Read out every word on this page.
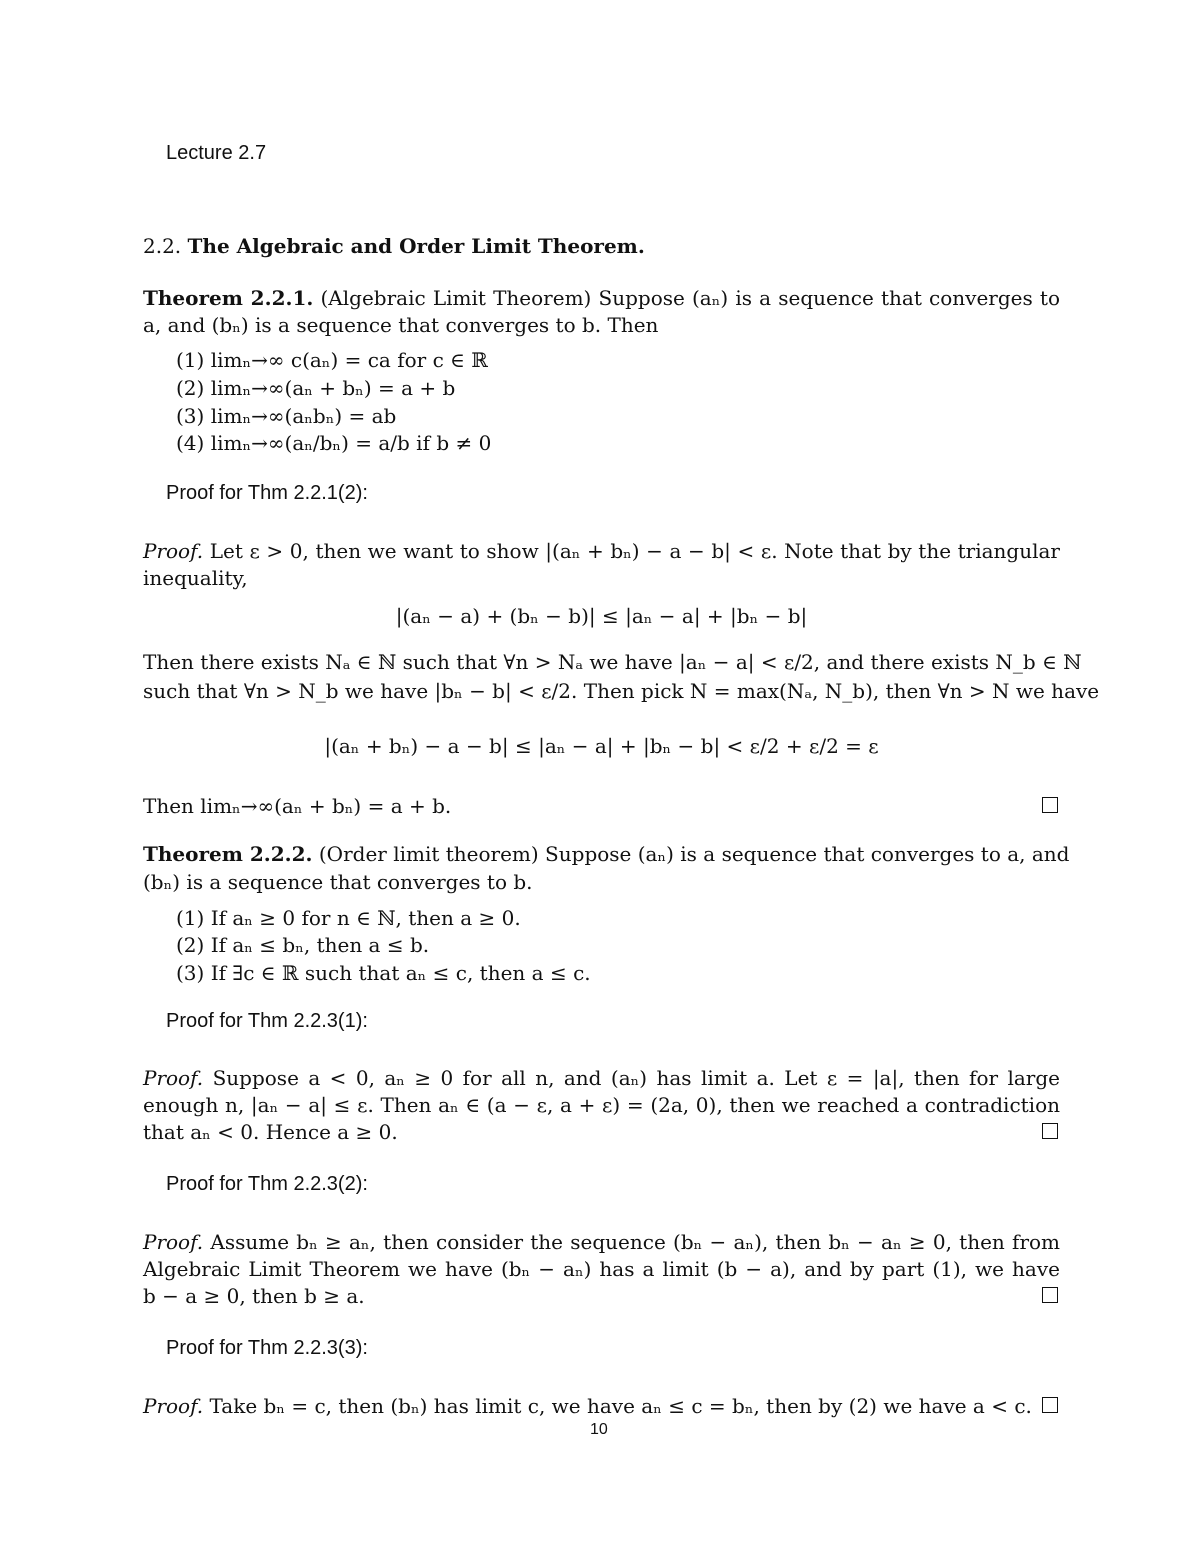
Lecture 2.7
2.2. The Algebraic and Order Limit Theorem.
Theorem 2.2.1. (Algebraic Limit Theorem) Suppose (aₙ) is a sequence that converges to
a, and (bₙ) is a sequence that converges to b. Then
(1) limₙ→∞ c(aₙ) = ca for c ∈ ℝ
(2) limₙ→∞(aₙ + bₙ) = a + b
(3) limₙ→∞(aₙbₙ) = ab
(4) limₙ→∞(aₙ/bₙ) = a/b if b ≠ 0
Proof for Thm 2.2.1(2):
Proof. Let ε > 0, then we want to show |(aₙ + bₙ) − a − b| < ε. Note that by the triangular
inequality,
|(aₙ − a) + (bₙ − b)| ≤ |aₙ − a| + |bₙ − b|
Then there exists Nₐ ∈ ℕ such that ∀n > Nₐ we have |aₙ − a| < ε/2, and there exists N_b ∈ ℕ
such that ∀n > N_b we have |bₙ − b| < ε/2. Then pick N = max(Nₐ, N_b), then ∀n > N we have
|(aₙ + bₙ) − a − b| ≤ |aₙ − a| + |bₙ − b| < ε/2 + ε/2 = ε
Then limₙ→∞(aₙ + bₙ) = a + b.
Theorem 2.2.2. (Order limit theorem) Suppose (aₙ) is a sequence that converges to a, and
(bₙ) is a sequence that converges to b.
(1) If aₙ ≥ 0 for n ∈ ℕ, then a ≥ 0.
(2) If aₙ ≤ bₙ, then a ≤ b.
(3) If ∃c ∈ ℝ such that aₙ ≤ c, then a ≤ c.
Proof for Thm 2.2.3(1):
Proof. Suppose a < 0, aₙ ≥ 0 for all n, and (aₙ) has limit a. Let ε = |a|, then for large
enough n, |aₙ − a| ≤ ε. Then aₙ ∈ (a − ε, a + ε) = (2a, 0), then we reached a contradiction
that aₙ < 0. Hence a ≥ 0.
Proof for Thm 2.2.3(2):
Proof. Assume bₙ ≥ aₙ, then consider the sequence (bₙ − aₙ), then bₙ − aₙ ≥ 0, then from
Algebraic Limit Theorem we have (bₙ − aₙ) has a limit (b − a), and by part (1), we have
b − a ≥ 0, then b ≥ a.
Proof for Thm 2.2.3(3):
Proof. Take bₙ = c, then (bₙ) has limit c, we have aₙ ≤ c = bₙ, then by (2) we have a < c.
10
